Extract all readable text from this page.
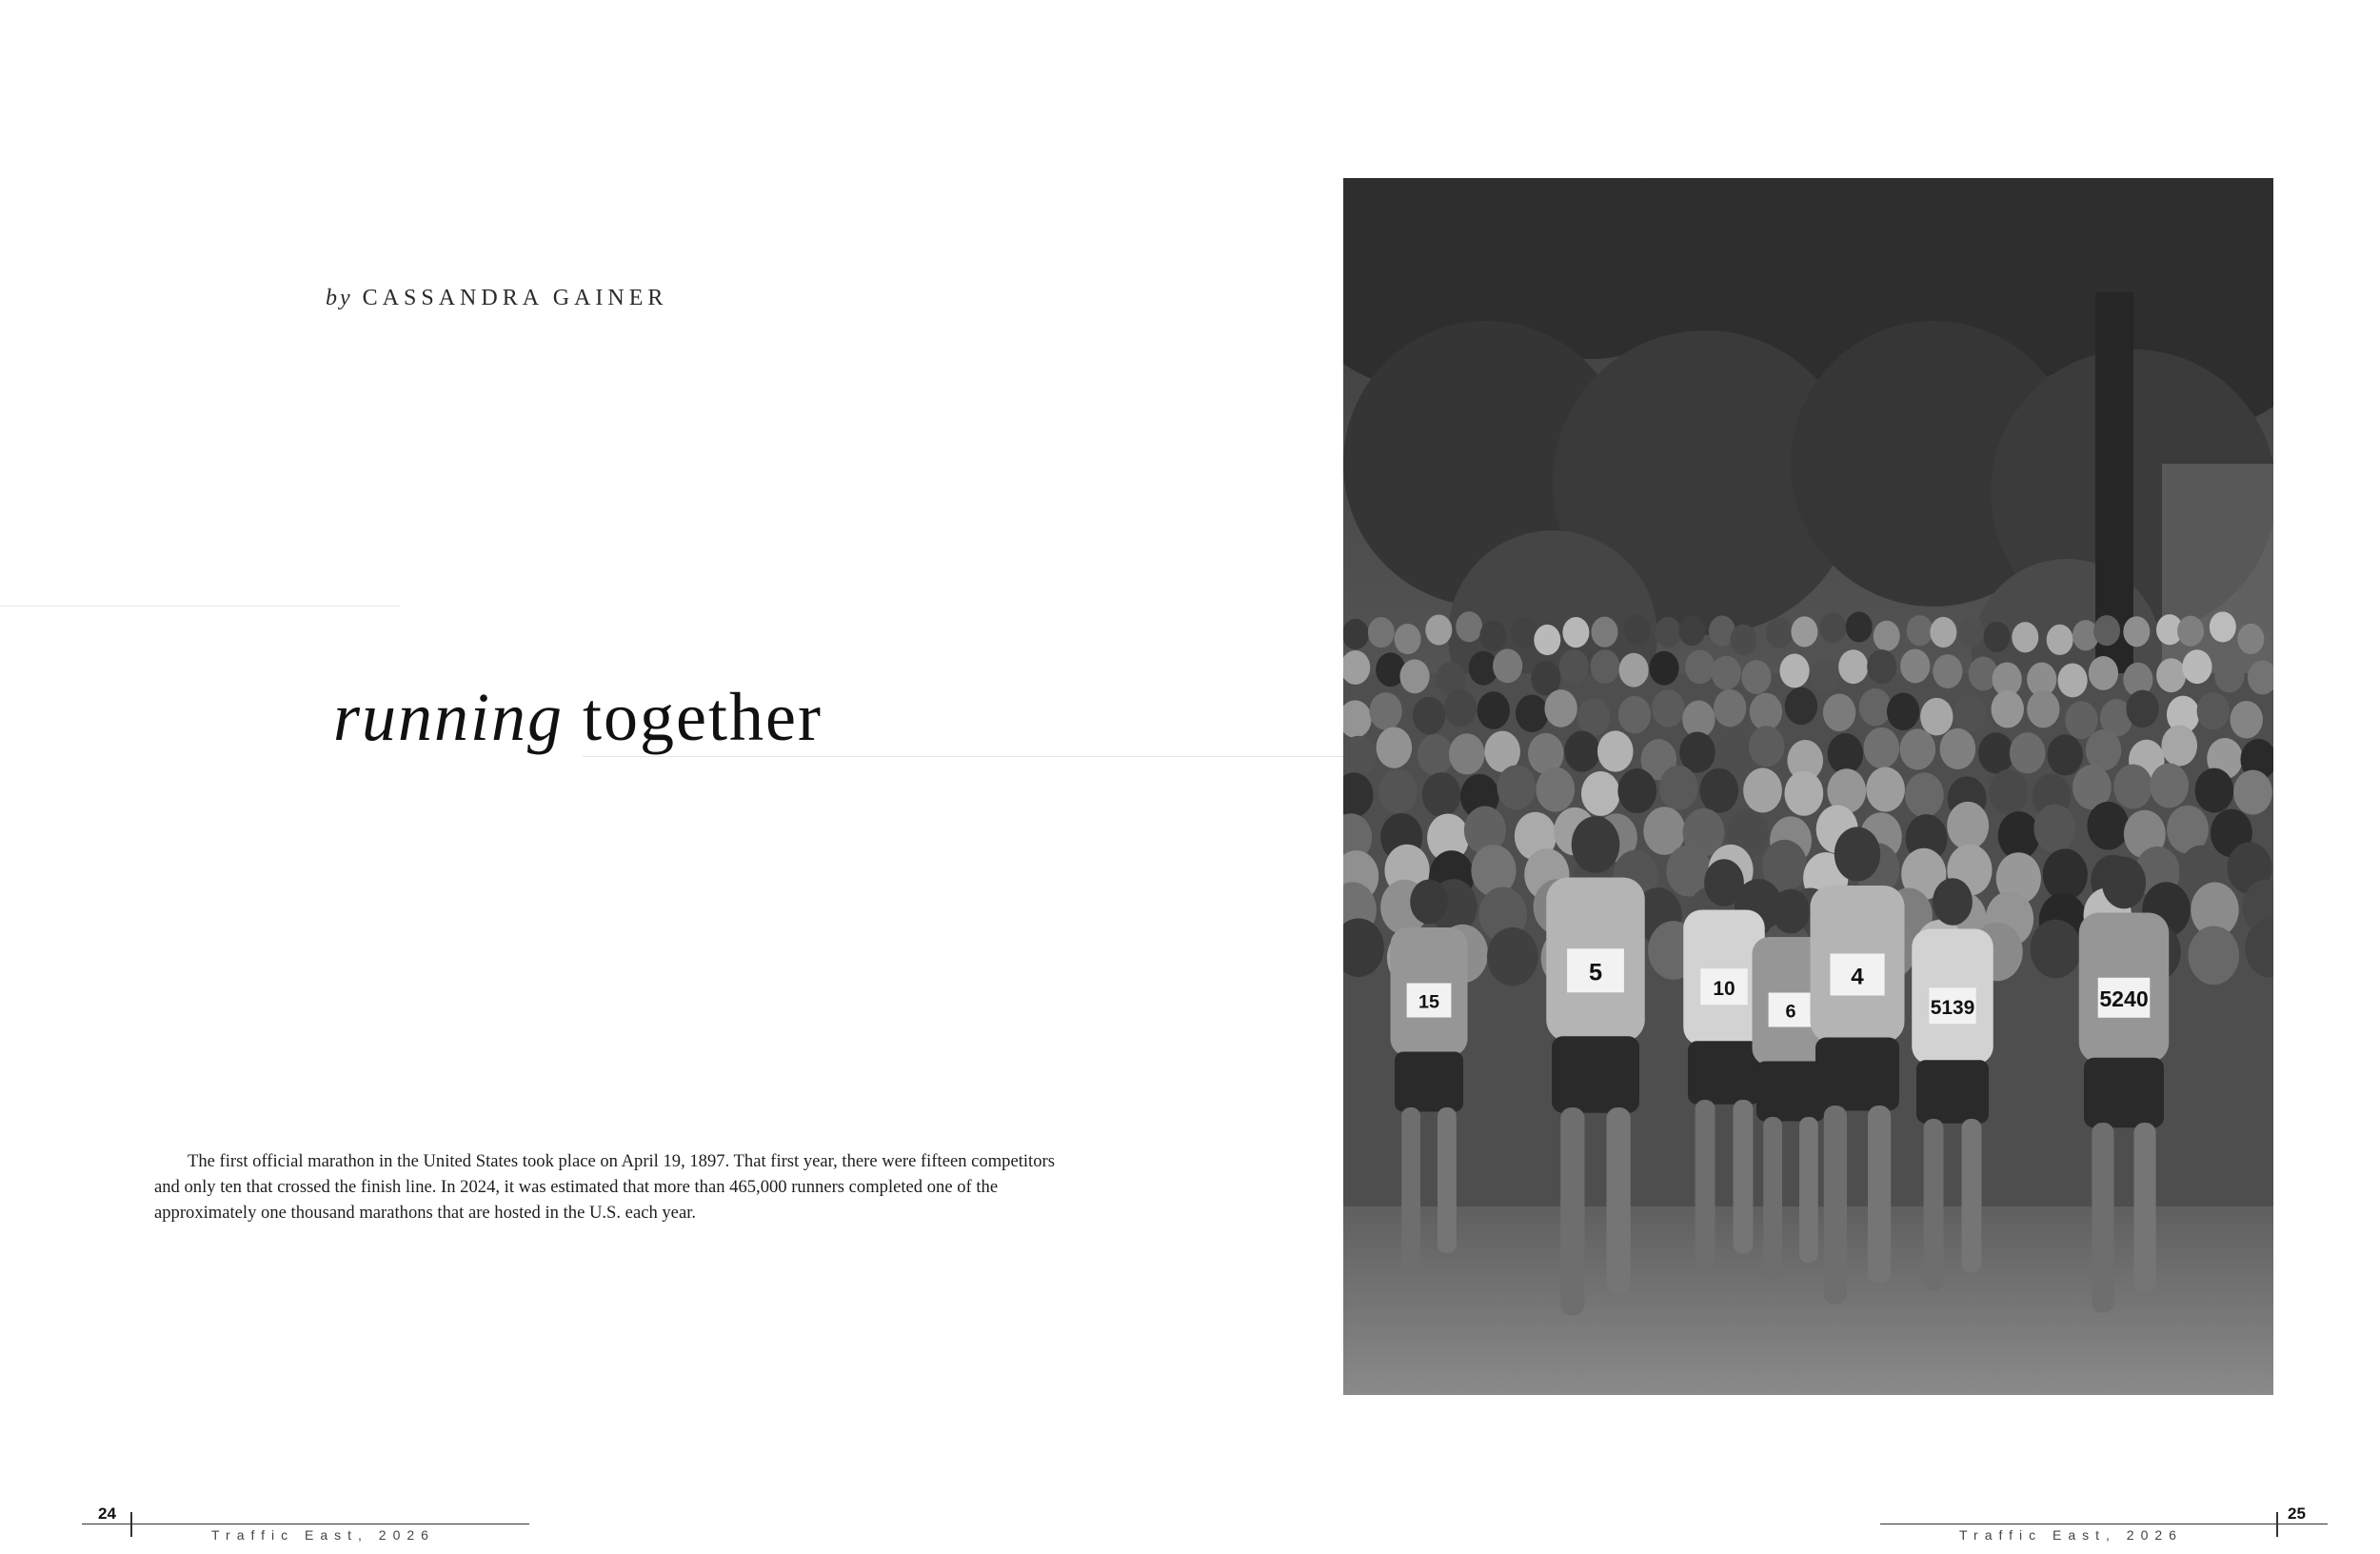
by CASSANDRA GAINER
running together

The first official marathon in the United States took place on April 19, 1897. That first year, there were fifteen competitors and only ten that crossed the finish line. In 2024, it was estimated that more than 465,000 runners completed one of the approximately one thousand marathons that are hosted in the U.S. each year.

15
5
10
6
4
5139	5240
24
Traffic East, 2026
25
Traffic East, 2026
